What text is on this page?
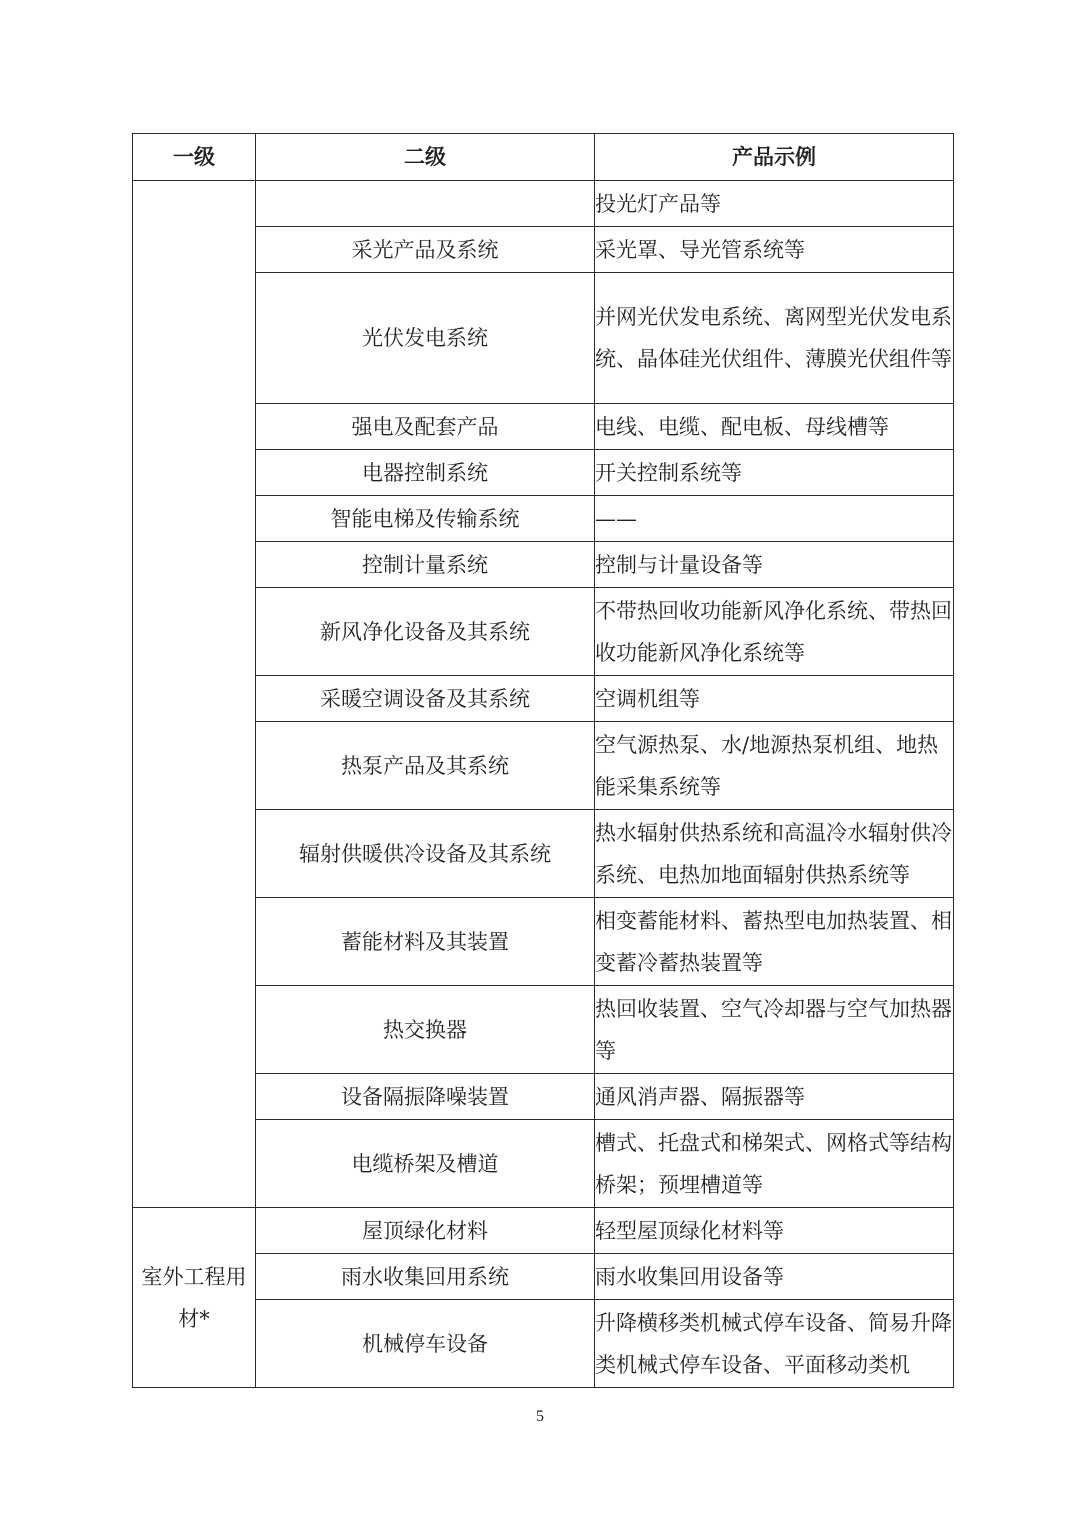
一级	二级	产品示例
		投光灯产品等
	采光产品及系统	采光罩、导光管系统等
	光伏发电系统	并网光伏发电系统、离网型光伏发电系统、晶体硅光伏组件、薄膜光伏组件等
	强电及配套产品	电线、电缆、配电板、母线槽等
	电器控制系统	开关控制系统等
	智能电梯及传输系统	——
	控制计量系统	控制与计量设备等
	新风净化设备及其系统	不带热回收功能新风净化系统、带热回收功能新风净化系统等
	采暖空调设备及其系统	空调机组等
	热泵产品及其系统	空气源热泵、水/地源热泵机组、地热能采集系统等
	辐射供暖供冷设备及其系统	热水辐射供热系统和高温冷水辐射供冷系统、电热加地面辐射供热系统等
	蓄能材料及其装置	相变蓄能材料、蓄热型电加热装置、相变蓄冷蓄热装置等
	热交换器	热回收装置、空气冷却器与空气加热器等
	设备隔振降噪装置	通风消声器、隔振器等
	电缆桥架及槽道	槽式、托盘式和梯架式、网格式等结构桥架；预埋槽道等
室外工程用材*	屋顶绿化材料	轻型屋顶绿化材料等
	雨水收集回用系统	雨水收集回用设备等
	机械停车设备	升降横移类机械式停车设备、简易升降类机械式停车设备、平面移动类机
5
